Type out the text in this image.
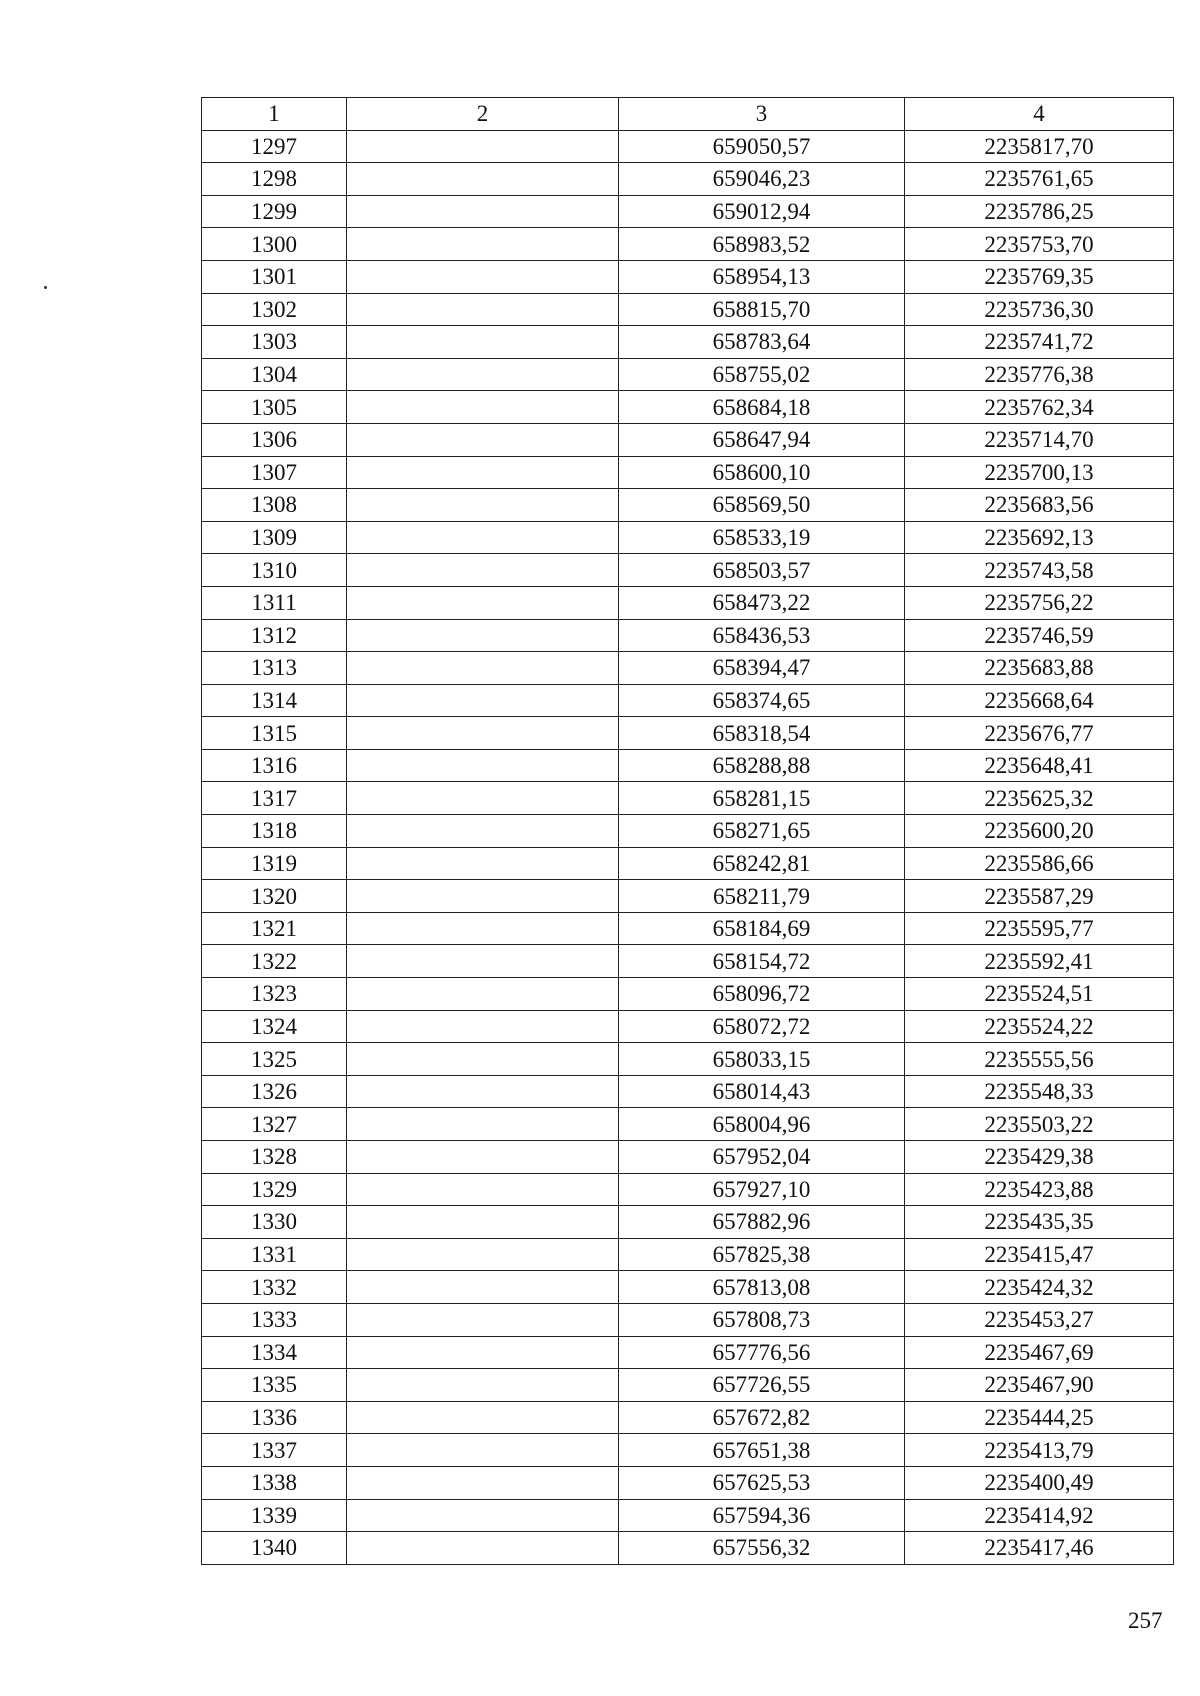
1	2	3	4
1297		659050,57	2235817,70
1298		659046,23	2235761,65
1299		659012,94	2235786,25
1300		658983,52	2235753,70
1301		658954,13	2235769,35
1302		658815,70	2235736,30
1303		658783,64	2235741,72
1304		658755,02	2235776,38
1305		658684,18	2235762,34
1306		658647,94	2235714,70
1307		658600,10	2235700,13
1308		658569,50	2235683,56
1309		658533,19	2235692,13
1310		658503,57	2235743,58
1311		658473,22	2235756,22
1312		658436,53	2235746,59
1313		658394,47	2235683,88
1314		658374,65	2235668,64
1315		658318,54	2235676,77
1316		658288,88	2235648,41
1317		658281,15	2235625,32
1318		658271,65	2235600,20
1319		658242,81	2235586,66
1320		658211,79	2235587,29
1321		658184,69	2235595,77
1322		658154,72	2235592,41
1323		658096,72	2235524,51
1324		658072,72	2235524,22
1325		658033,15	2235555,56
1326		658014,43	2235548,33
1327		658004,96	2235503,22
1328		657952,04	2235429,38
1329		657927,10	2235423,88
1330		657882,96	2235435,35
1331		657825,38	2235415,47
1332		657813,08	2235424,32
1333		657808,73	2235453,27
1334		657776,56	2235467,69
1335		657726,55	2235467,90
1336		657672,82	2235444,25
1337		657651,38	2235413,79
1338		657625,53	2235400,49
1339		657594,36	2235414,92
1340		657556,32	2235417,46
257
